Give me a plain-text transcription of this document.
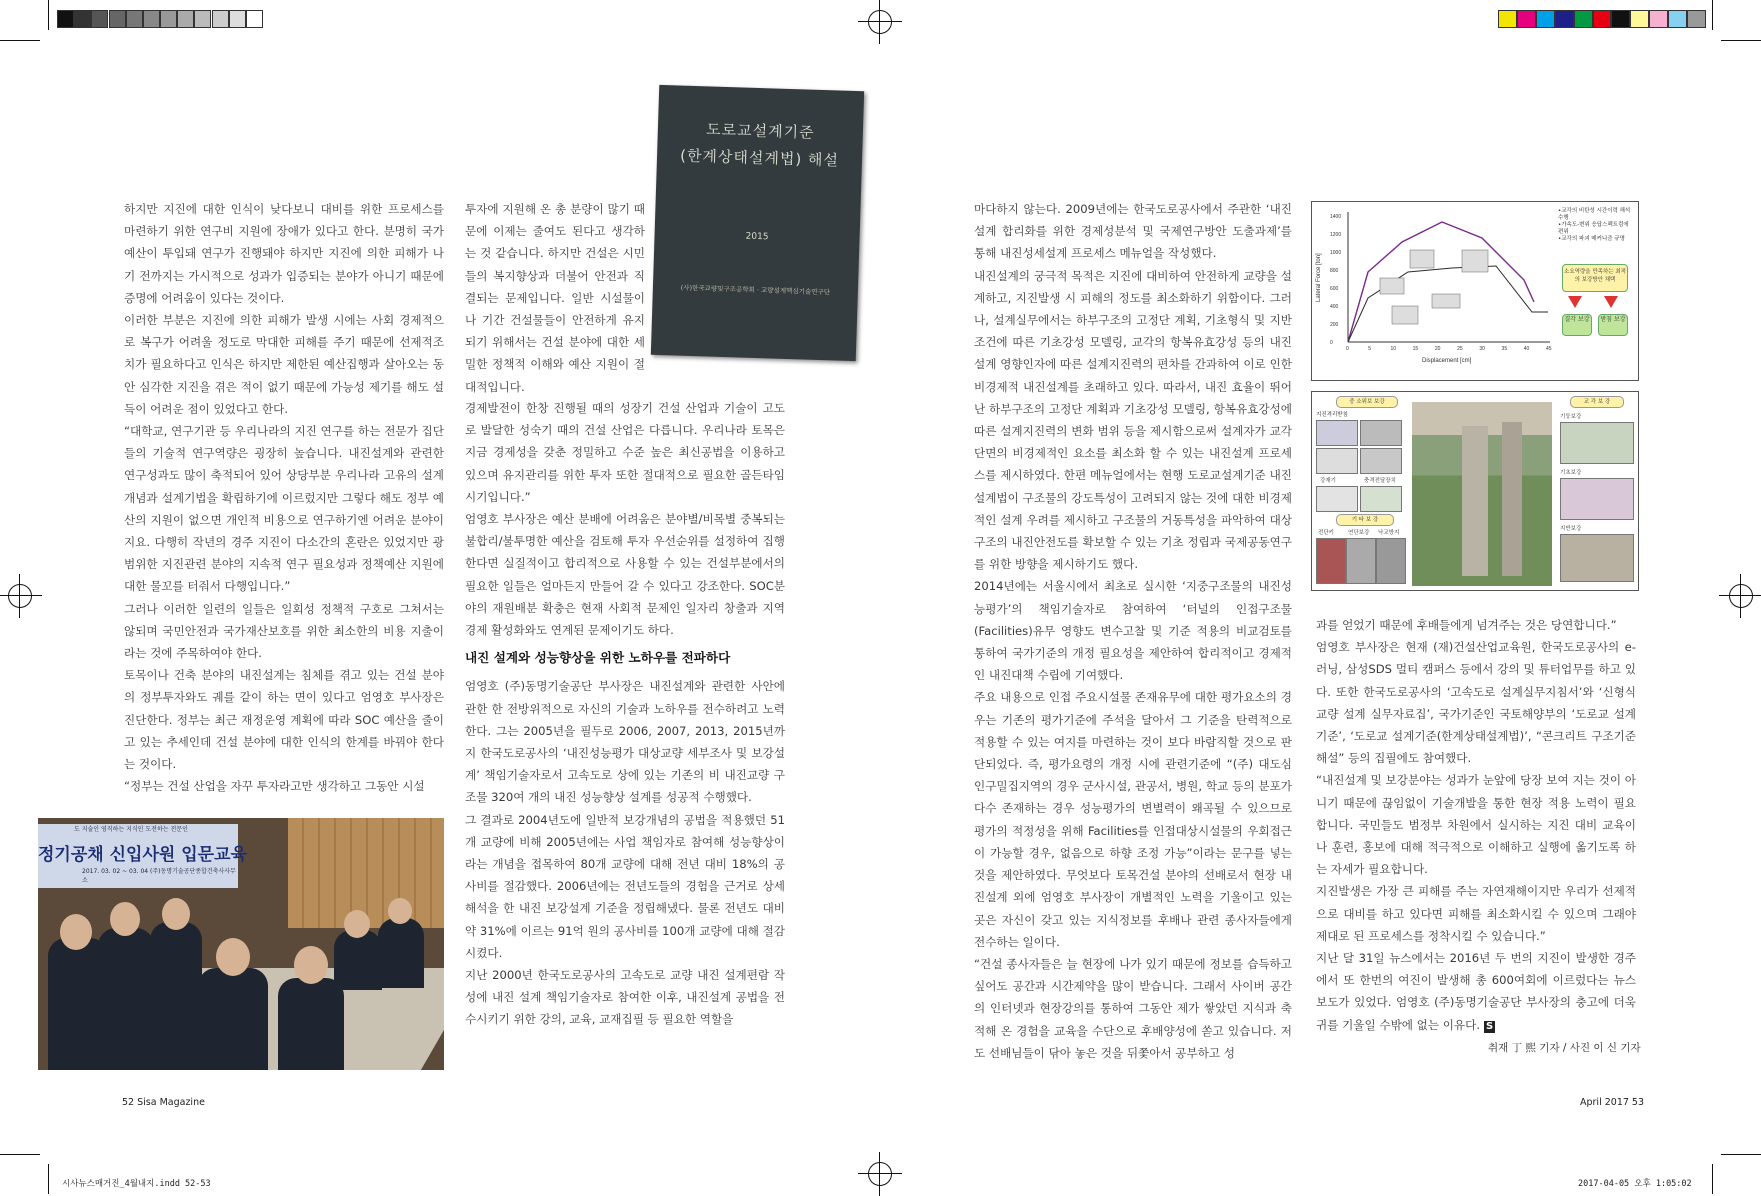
하지만 지진에 대한 인식이 낮다보니 대비를 위한 프로세스를 마련하기 위한 연구비 지원에 장애가 있다고 한다. 분명히 국가 예산이 투입돼 연구가 진행돼야 하지만 지진에 의한 피해가 나기 전까지는 가시적으로 성과가 입증되는 분야가 아니기 때문에 증명에 어려움이 있다는 것이다.

이러한 부분은 지진에 의한 피해가 발생 시에는 사회 경제적으로 복구가 어려울 정도로 막대한 피해를 주기 때문에 선제적조치가 필요하다고 인식은 하지만 제한된 예산집행과 살아오는 동안 심각한 지진을 겪은 적이 없기 때문에 가능성 제기를 해도 설득이 어려운 점이 있었다고 한다.

“대학교, 연구기관 등 우리나라의 지진 연구를 하는 전문가 집단들의 기술적 연구역량은 굉장히 높습니다. 내진설계와 관련한 연구성과도 많이 축적되어 있어 상당부분 우리나라 고유의 설계개념과 설계기법을 확립하기에 이르렀지만 그렇다 해도 정부 예산의 지원이 없으면 개인적 비용으로 연구하기엔 어려운 분야이지요. 다행히 작년의 경주 지진이 다소간의 혼란은 있었지만 광범위한 지진관련 분야의 지속적 연구 필요성과 정책예산 지원에 대한 물꼬를 터줘서 다행입니다.”

그러나 이러한 일련의 일들은 일회성 정책적 구호로 그쳐서는 않되며 국민안전과 국가재산보호를 위한 최소한의 비용 지출이라는 것에 주목하여야 한다.

토목이나 건축 분야의 내진설계는 침체를 겪고 있는 건설 분야의 정부투자와도 궤를 같이 하는 면이 있다고 엄영호 부사장은 진단한다. 정부는 최근 재정운영 계획에 따라 SOC 예산을 줄이고 있는 추세인데 건설 분야에 대한 인식의 한계를 바꿔야 한다는 것이다.

“정부는 건설 산업을 자꾸 투자라고만 생각하고 그동안 시설

투자에 지원해 온 총 분량이 많기 때문에 이제는 줄여도 된다고 생각하는 것 같습니다. 하지만 건설은 시민들의 복지향상과 더불어 안전과 직결되는 문제입니다. 일반 시설물이나 기간 건설물들이 안전하게 유지되기 위해서는 건설 분야에 대한 세밀한 정책적 이해와 예산 지원이 절대적입니다.

도로교설계기준
(한계상태설계법) 해설
2015
(사)한국교량및구조공학회 · 교량설계핵심기술연구단

경제발전이 한창 진행될 때의 성장기 건설 산업과 기술이 고도로 발달한 성숙기 때의 건설 산업은 다릅니다. 우리나라 토목은 지금 경제성을 갖춘 정밀하고 수준 높은 최신공법을 이용하고 있으며 유지관리를 위한 투자 또한 절대적으로 필요한 골든타임 시기입니다.”

엄영호 부사장은 예산 분배에 어려움은 분야별/비목별 중복되는 불합리/불투명한 예산을 검토해 투자 우선순위를 설정하여 집행한다면 실질적이고 합리적으로 사용할 수 있는 건설부분에서의 필요한 일들은 얼마든지 만들어 갈 수 있다고 강조한다. SOC분야의 재원배분 확충은 현재 사회적 문제인 일자리 창출과 지역경제 활성화와도 연계된 문제이기도 하다.

내진 설계와 성능향상을 위한 노하우를 전파하다

엄영호 (주)동명기술공단 부사장은 내진설계와 관련한 사안에 관한 한 전방위적으로 자신의 기술과 노하우를 전수하려고 노력한다. 그는 2005년을 필두로 2006, 2007, 2013, 2015년까지 한국도로공사의 ‘내진성능평가 대상교량 세부조사 및 보강설계’ 책임기술자로서 고속도로 상에 있는 기존의 비 내진교량 구조물 320여 개의 내진 성능향상 설계를 성공적 수행했다.

그 결과로 2004년도에 일반적 보강개념의 공법을 적용했던 51개 교량에 비해 2005년에는 사업 책임자로 참여해 성능향상이라는 개념을 접목하여 80개 교량에 대해 전년 대비 18%의 공사비를 절감했다. 2006년에는 전년도들의 경험을 근거로 상세 해석을 한 내진 보강설계 기준을 정립해냈다. 물론 전년도 대비 약 31%에 이르는 91억 원의 공사비를 100개 교량에 대해 절감시켰다.

지난 2000년 한국도로공사의 고속도로 교량 내진 설계편람 작성에 내진 설계 책임기술자로 참여한 이후, 내진설계 공법을 전수시키기 위한 강의, 교육, 교재집필 등 필요한 역할을

도 지술인 영직하는 지식인 도전하는 전문인
정기공채 신입사원 입문교육
2017. 03. 02 ~ 03. 04 (주)동명기술공단종합건축사사무소
52 Sisa Magazine

마다하지 않는다. 2009년에는 한국도로공사에서 주관한 ‘내진설계 합리화를 위한 경제성분석 및 국제연구방안 도출과제’를 통해 내진성세설계 프로세스 메뉴얼을 작성했다.

내진설계의 궁극적 목적은 지진에 대비하여 안전하게 교량을 설계하고, 지진발생 시 피해의 정도를 최소화하기 위함이다. 그러나, 설계실무에서는 하부구조의 고정단 계획, 기초형식 및 지반조건에 따른 기초강성 모델링, 교각의 항복유효강성 등의 내진설계 영향인자에 따른 설계지진력의 편차를 간과하여 이로 인한 비경제적 내진설계를 초래하고 있다. 따라서, 내진 효율이 뛰어난 하부구조의 고정단 계획과 기초강성 모델링, 항복유효강성에 따른 설계지진력의 변화 범위 등을 제시함으로써 설계자가 교각단면의 비경제적인 요소를 최소화 할 수 있는 내진설계 프로세스를 제시하였다. 한편 메뉴얼에서는 현행 도로교설계기준 내진설계법이 구조물의 강도특성이 고려되지 않는 것에 대한 비경제적인 설계 우려를 제시하고 구조물의 거동특성을 파악하여 대상 구조의 내진안전도를 확보할 수 있는 기초 정립과 국제공동연구를 위한 방향을 제시하기도 했다.

2014년에는 서울시에서 최초로 실시한 ‘지중구조물의 내진성능평가’의 책임기술자로 참여하여 ‘터널의 인접구조물(Facilities)유무 영향도 변수고찰 및 기준 적용의 비교검토를 통하여 국가기준의 개정 필요성을 제안하여 합리적이고 경제적인 내진대책 수립에 기여했다.

주요 내용으로 인접 주요시설물 존재유무에 대한 평가요소의 경우는 기존의 평가기준에 주석을 달아서 그 기준을 탄력적으로 적용할 수 있는 여지를 마련하는 것이 보다 바람직할 것으로 판단되었다. 즉, 평가요령의 개정 시에 관련기준에 “(주) 대도심 인구밀집지역의 경우 군사시설, 관공서, 병원, 학교 등의 분포가 다수 존재하는 경우 성능평가의 변별력이 왜곡될 수 있으므로 평가의 적정성을 위해 Facilities를 인접대상시설물의 우회접근이 가능할 경우, 없음으로 하향 조정 가능”이라는 문구를 넣는 것을 제안하였다. 무엇보다 토목건설 분야의 선배로서 현장 내진설계 외에 엄영호 부사장이 개별적인 노력을 기울이고 있는 곳은 자신이 갖고 있는 지식정보를 후배나 관련 종사자들에게 전수하는 일이다.

“건설 종사자들은 늘 현장에 나가 있기 때문에 정보를 습득하고 싶어도 공간과 시간제약을 많이 받습니다. 그래서 사이버 공간의 인터넷과 현장강의를 통하여 그동안 제가 쌓았던 지식과 축적해 온 경험을 교육을 수단으로 후배양성에 쏟고 있습니다. 저도 선배님들이 닦아 놓은 것을 뒤쫓아서 공부하고 성

1400
1200
1000
800
600
400
200
0
0	5	10	15	20	25	30	35	40	45
Lateral Force [ton]
Displacement [cm]
•교각의 비탄성 시간이력 해석 수행
•가속도-변위 응답스펙트럼에 편위
•교각의 파괴 메커니즘 규명
소요역량을 만족하는 최적의 보강방안 채택
결각 보강	받침 보강
중 소위보 보강
지진격리받침
강재기	충격전달장치
기 타 보 강
전단키	연단보강 낙교방지
교 각 보 강
기둥보강
기초보강
지반보강

과를 얻었기 때문에 후배들에게 넘겨주는 것은 당연합니다.”

엄영호 부사장은 현재 (재)건설산업교육원, 한국도로공사의 e-러닝, 삼성SDS 멀티 캠퍼스 등에서 강의 및 튜터업무를 하고 있다. 또한 한국도로공사의 ‘고속도로 설계실무지침서’와 ‘신형식교량 설계 실무자료집’, 국가기준인 국토해양부의 ‘도로교 설계기준’, ‘도로교 설계기준(한계상태설계법)’, “콘크리트 구조기준해설” 등의 집필에도 참여했다.

“내진설계 및 보강분야는 성과가 눈앞에 당장 보여 지는 것이 아니기 때문에 끊임없이 기술개발을 통한 현장 적용 노력이 필요합니다. 국민들도 범정부 차원에서 실시하는 지진 대비 교육이나 훈련, 홍보에 대해 적극적으로 이해하고 실행에 옮기도록 하는 자세가 필요합니다.

지진발생은 가장 큰 피해를 주는 자연재해이지만 우리가 선제적으로 대비를 하고 있다면 피해를 최소화시킬 수 있으며 그래야 제대로 된 프로세스를 정착시킬 수 있습니다.”

지난 달 31일 뉴스에서는 2016년 두 번의 지진이 발생한 경주에서 또 한번의 여진이 발생해 총 600여회에 이르렀다는 뉴스보도가 있었다. 엄영호 (주)동명기술공단 부사장의 충고에 더욱 귀를 기울일 수밖에 없는 이유다. S

취재 丁 熙 기자 / 사진 이 신 기자
April 2017 53
시사뉴스매거진_4월내지.indd 52-53	2017-04-05 오후 1:05:02
